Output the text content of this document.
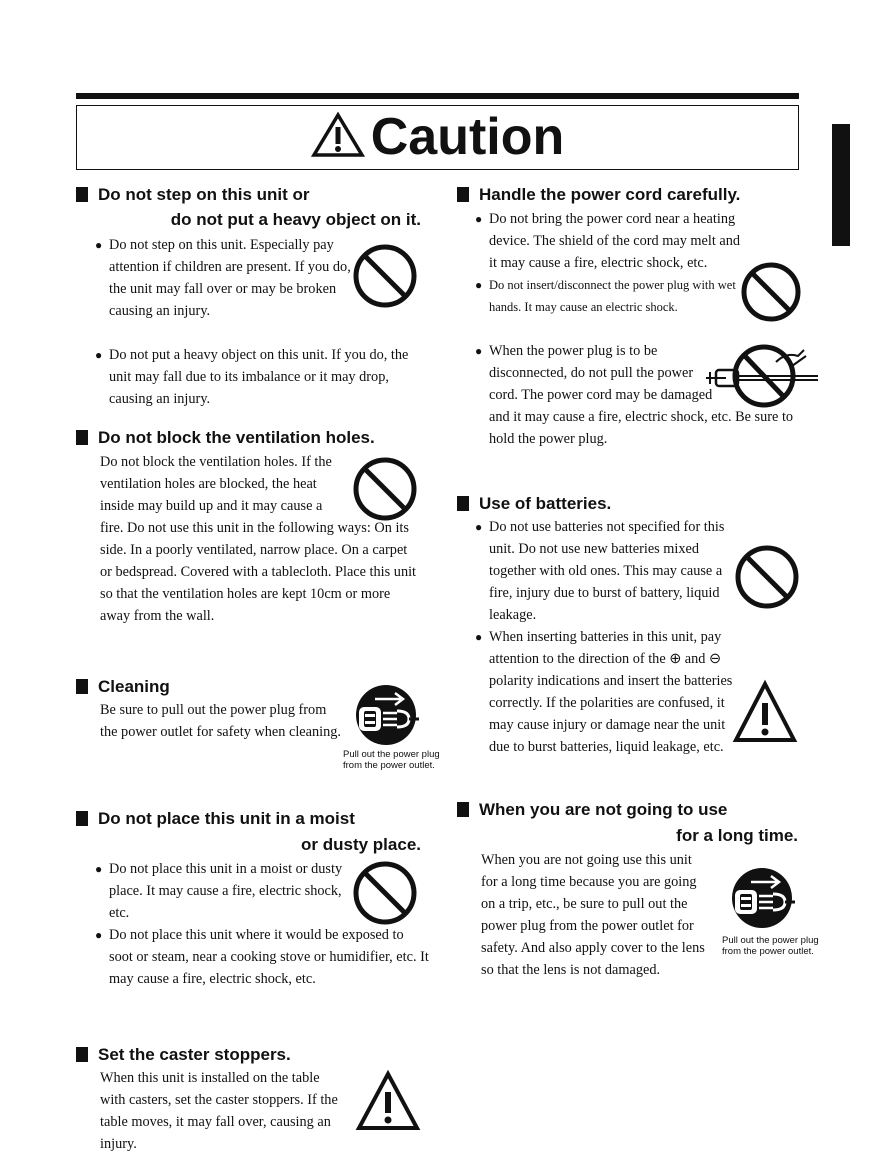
Caution
Do not step on this unit or
do not put a heavy object on it.
● Do not step on this unit. Especially pay attention if children are present. If you do, the unit may fall over or may be broken causing an injury.
● Do not put a heavy object on this unit. If you do, the unit may fall due to its imbalance or it may drop, causing an injury.
Do not block the ventilation holes.
Do not block the ventilation holes. If the ventilation holes are blocked, the heat inside may build up and it may cause a fire. Do not use this unit in the following ways: On its side. In a poorly ventilated, narrow place. On a carpet or bedspread. Covered with a tablecloth. Place this unit so that the ventilation holes are kept 10cm or more away from the wall.
Cleaning
Be sure to pull out the power plug from the power outlet for safety when cleaning.
Pull out the power plug from the power outlet.
Do not place this unit in a moist
or dusty place.
● Do not place this unit in a moist or dusty place. It may cause a fire, electric shock, etc.
● Do not place this unit where it would be exposed to soot or steam, near a cooking stove or humidifier, etc. It may cause a fire, electric shock, etc.
Set the caster stoppers.
When this unit is installed on the table with casters, set the caster stoppers. If the table moves, it may fall over, causing an injury.
Handle the power cord carefully.
● Do not bring the power cord near a heating device. The shield of the cord may melt and it may cause a fire, electric shock, etc.
● Do not insert/disconnect the power plug with wet hands. It may cause an electric shock.
● When the power plug is to be disconnected, do not pull the power cord. The power cord may be damaged and it may cause a fire, electric shock, etc. Be sure to hold the power plug.
Use of batteries.
● Do not use batteries not specified for this unit. Do not use new batteries mixed together with old ones. This may cause a fire, injury due to burst of battery, liquid leakage.
● When inserting batteries in this unit, pay attention to the direction of the ⊕ and ⊖ polarity indications and insert the batteries correctly. If the polarities are confused, it may cause injury or damage near the unit due to burst batteries, liquid leakage, etc.
When you are not going to use
for a long time.
When you are not going use this unit for a long time because you are going on a trip, etc., be sure to pull out the power plug from the power outlet for safety. And also apply cover to the lens so that the lens is not damaged.
Pull out the power plug from the power outlet.
